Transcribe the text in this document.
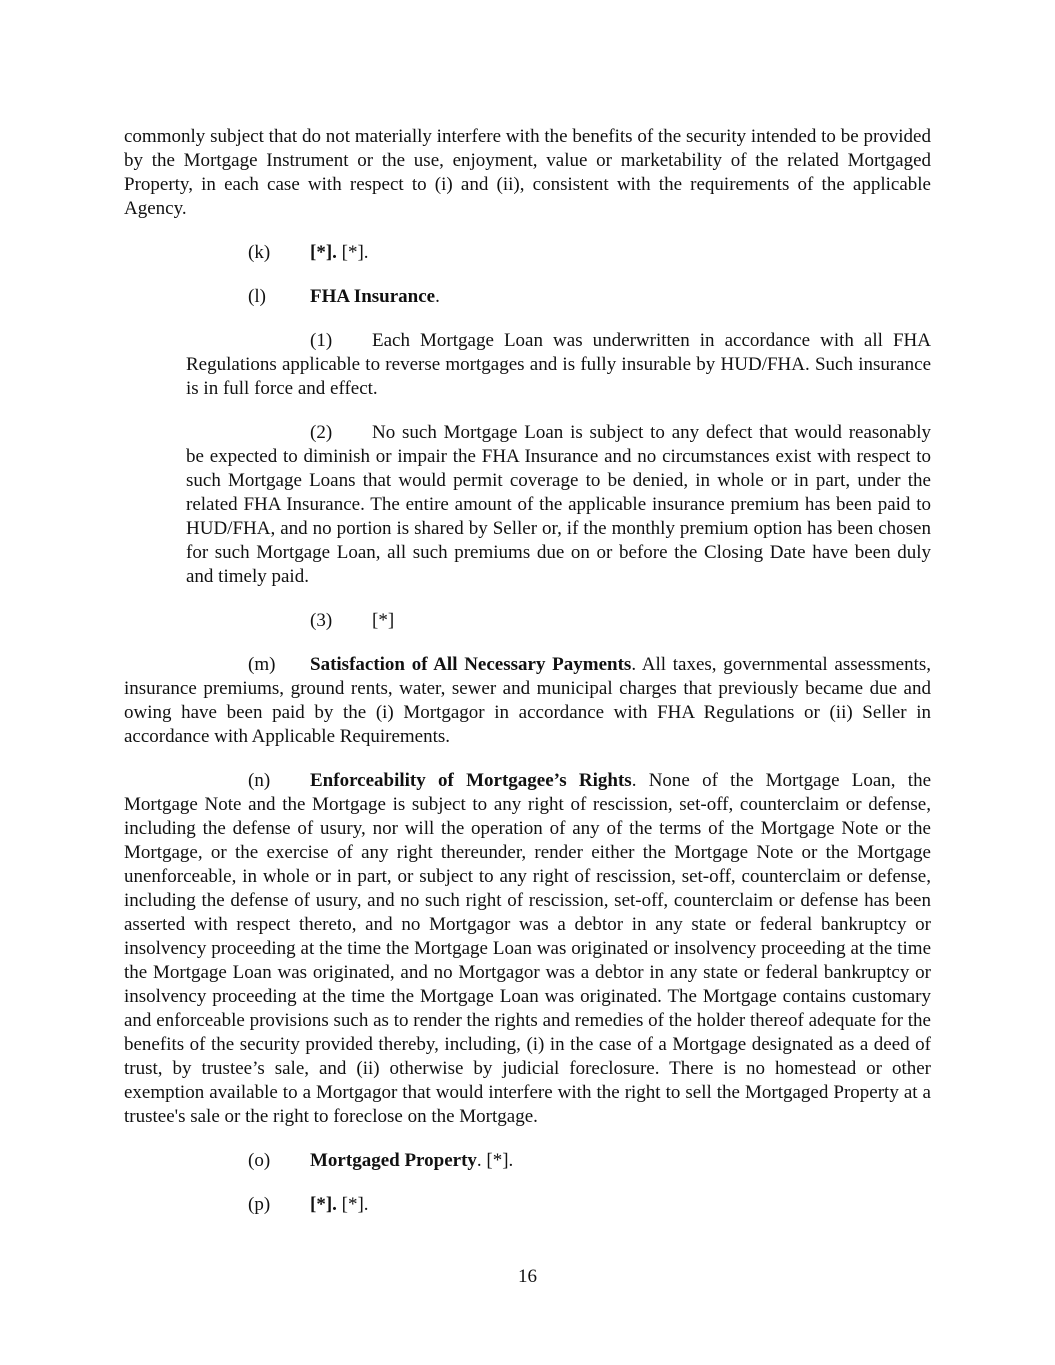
commonly subject that do not materially interfere with the benefits of the security intended to be provided by the Mortgage Instrument or the use, enjoyment, value or marketability of the related Mortgaged Property, in each case with respect to (i) and (ii), consistent with the requirements of the applicable Agency.

(k) [*]. [*].

(l) FHA Insurance.

(1) Each Mortgage Loan was underwritten in accordance with all FHA Regulations applicable to reverse mortgages and is fully insurable by HUD/FHA. Such insurance is in full force and effect.

(2) No such Mortgage Loan is subject to any defect that would reasonably be expected to diminish or impair the FHA Insurance and no circumstances exist with respect to such Mortgage Loans that would permit coverage to be denied, in whole or in part, under the related FHA Insurance. The entire amount of the applicable insurance premium has been paid to HUD/FHA, and no portion is shared by Seller or, if the monthly premium option has been chosen for such Mortgage Loan, all such premiums due on or before the Closing Date have been duly and timely paid.

(3) [*]

(m) Satisfaction of All Necessary Payments. All taxes, governmental assessments, insurance premiums, ground rents, water, sewer and municipal charges that previously became due and owing have been paid by the (i) Mortgagor in accordance with FHA Regulations or (ii) Seller in accordance with Applicable Requirements.

(n) Enforceability of Mortgagee’s Rights. None of the Mortgage Loan, the Mortgage Note and the Mortgage is subject to any right of rescission, set-off, counterclaim or defense, including the defense of usury, nor will the operation of any of the terms of the Mortgage Note or the Mortgage, or the exercise of any right thereunder, render either the Mortgage Note or the Mortgage unenforceable, in whole or in part, or subject to any right of rescission, set-off, counterclaim or defense, including the defense of usury, and no such right of rescission, set-off, counterclaim or defense has been asserted with respect thereto, and no Mortgagor was a debtor in any state or federal bankruptcy or insolvency proceeding at the time the Mortgage Loan was originated or insolvency proceeding at the time the Mortgage Loan was originated, and no Mortgagor was a debtor in any state or federal bankruptcy or insolvency proceeding at the time the Mortgage Loan was originated. The Mortgage contains customary and enforceable provisions such as to render the rights and remedies of the holder thereof adequate for the benefits of the security provided thereby, including, (i) in the case of a Mortgage designated as a deed of trust, by trustee’s sale, and (ii) otherwise by judicial foreclosure. There is no homestead or other exemption available to a Mortgagor that would interfere with the right to sell the Mortgaged Property at a trustee's sale or the right to foreclose on the Mortgage.

(o) Mortgaged Property. [*].

(p) [*]. [*].

16
